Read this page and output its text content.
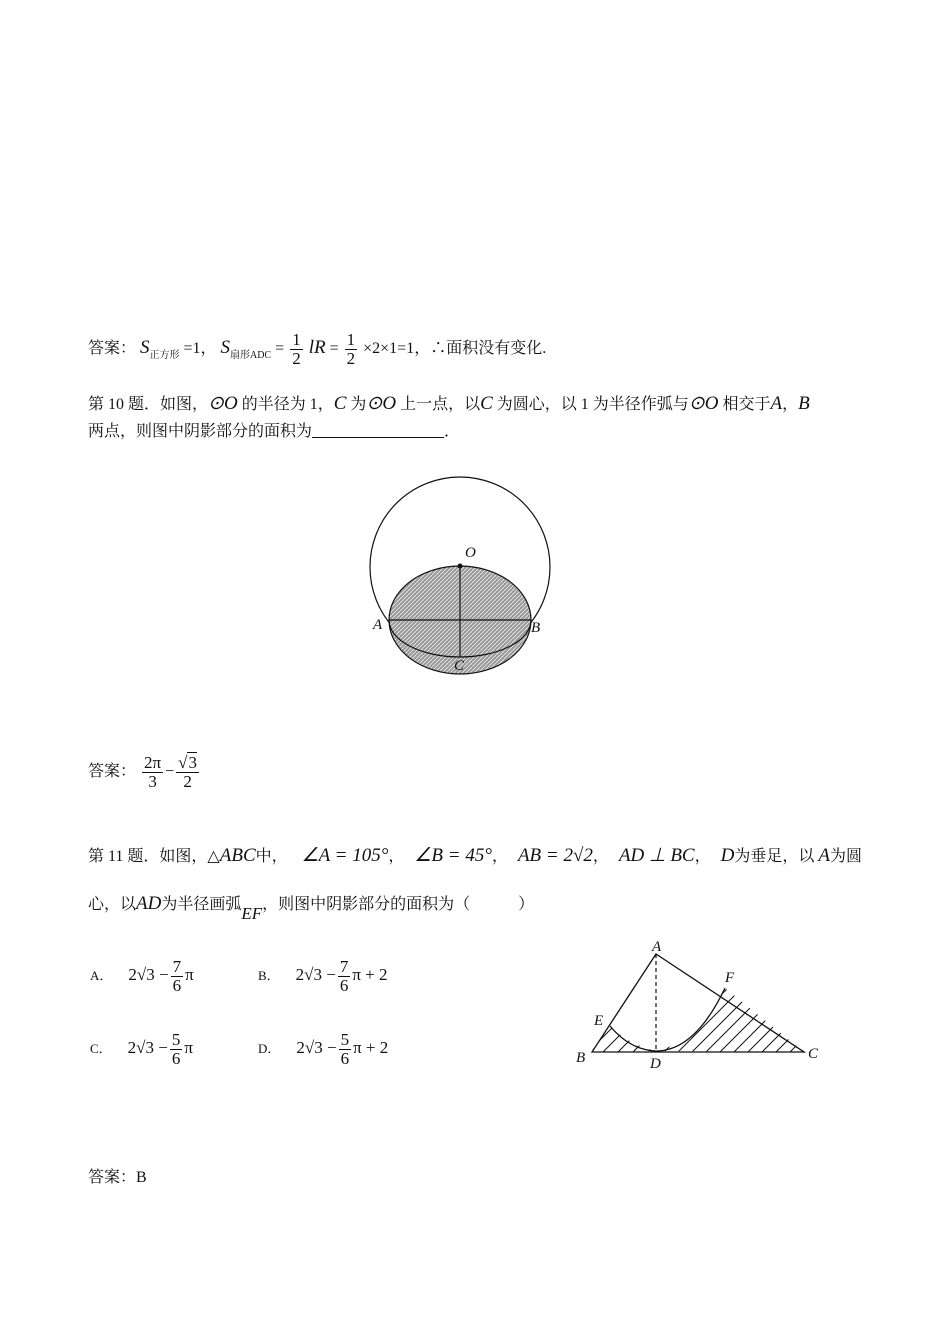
答案： $S_{正方形} =1$， $S_{扇形ADC} = \frac{1}{2}$ lR = $\frac{1}{2} \times 2\times 1=1$，∴面积没有变化.
第 10 题．如图，⊙O 的半径为 1，C 为⊙O 上一点，以C 为圆心，以 1 为半径作弧与⊙O 相交于A，B
两点，则图中阴影部分的面积为	．
O
A	B
C
答案： $\frac{2\pi}{3} - \frac{√3}{2}$
第 11 题．如图，△ABC中， ∠A = 105°， ∠B = 45°， AB = 2√2， AD ⊥ BC， D为垂足，以 A为圆
心，以AD为半径画弧EF，则图中阴影部分的面积为（　　　）
A． $2√3 - \frac{7}{6}$ π	B． $2√3 - \frac{7}{6}$ π + 2
C． $2√3 - \frac{5}{6}$ π	D． $2√3 - \frac{5}{6}$ π + 2
A
B	C
D
E
F
答案：B
